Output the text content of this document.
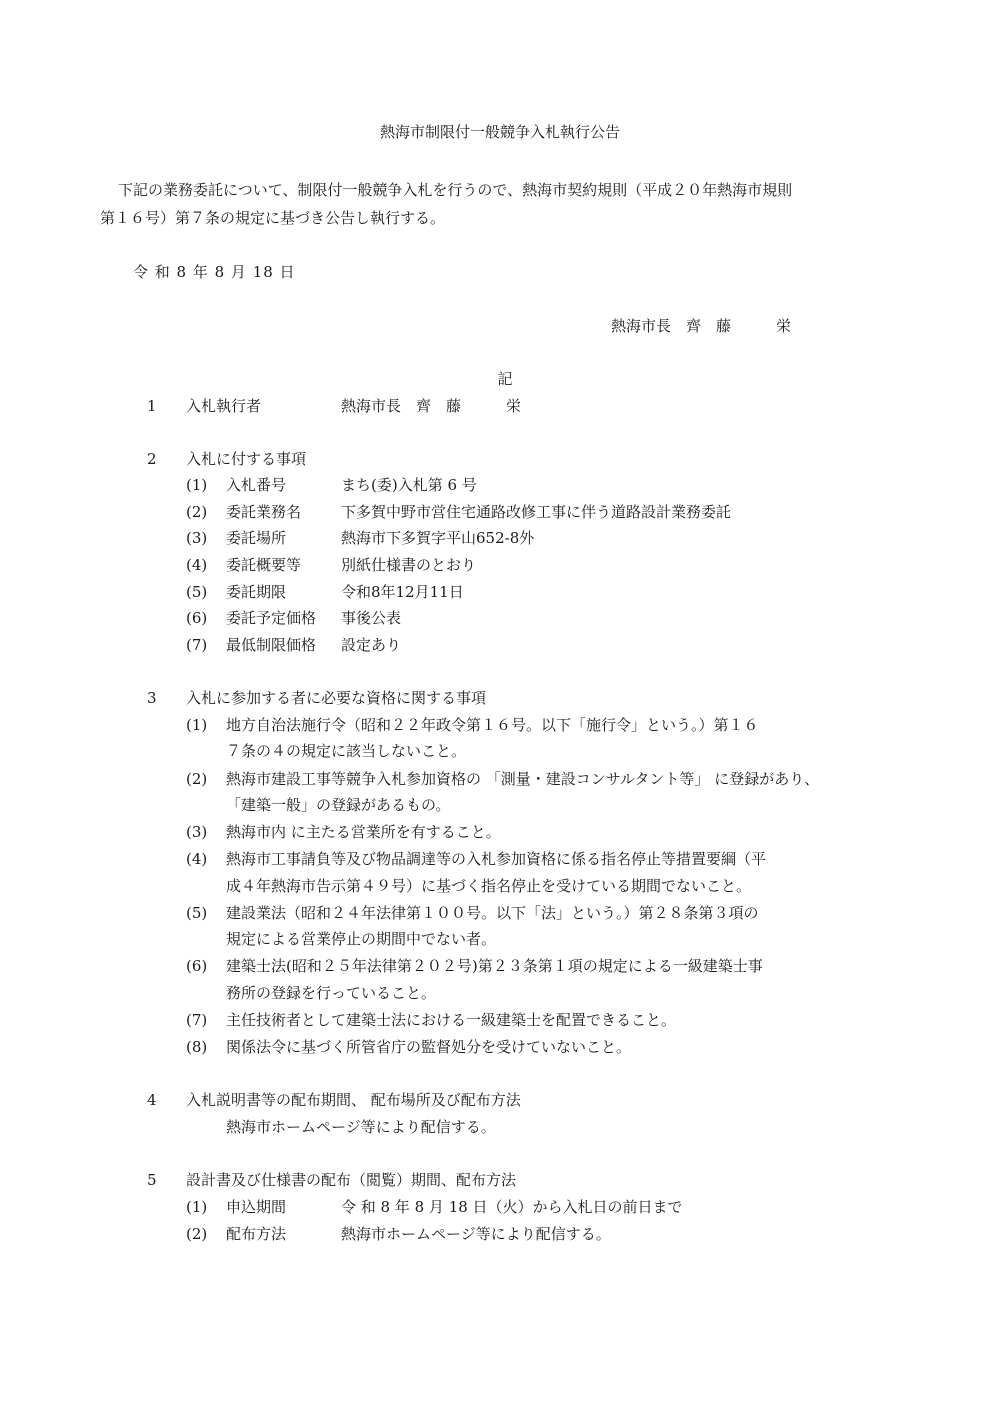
熱海市制限付一般競争入札執行公告
下記の業務委託について、制限付一般競争入札を行うので、熱海市契約規則（平成２０年熱海市規則
第１６号）第７条の規定に基づき公告し執行する。
令 和 8 年 8 月 18 日
熱海市長　齊　藤　　　栄
記
1 入札執行者	熱海市長　齊　藤　　　栄
2 入札に付する事項
(1) 入札番号	まち(委)入札第 6 号
(2) 委託業務名	下多賀中野市営住宅通路改修工事に伴う道路設計業務委託
(3) 委託場所	熱海市下多賀字平山652-8外
(4) 委託概要等	別紙仕様書のとおり
(5) 委託期限	令和8年12月11日
(6) 委託予定価格 事後公表
(7) 最低制限価格 設定あり
3 入札に参加する者に必要な資格に関する事項
(1) 地方自治法施行令（昭和２２年政令第１６号。以下「施行令」という。）第１６
７条の４の規定に該当しないこと。
(2) 熱海市建設工事等競争入札参加資格の 「測量・建設コンサルタント等」 に登録があり、
「建築一般」の登録があるもの。
(3) 熱海市内 に主たる営業所を有すること。
(4) 熱海市工事請負等及び物品調達等の入札参加資格に係る指名停止等措置要綱（平
成４年熱海市告示第４９号）に基づく指名停止を受けている期間でないこと。
(5) 建設業法（昭和２４年法律第１００号。以下「法」という。）第２８条第３項の
規定による営業停止の期間中でない者。
(6) 建築士法(昭和２５年法律第２０２号)第２３条第１項の規定による一級建築士事
務所の登録を行っていること。
(7) 主任技術者として建築士法における一級建築士を配置できること。
(8) 関係法令に基づく所管省庁の監督処分を受けていないこと。
4 入札説明書等の配布期間、 配布場所及び配布方法
熱海市ホームページ等により配信する。
5 設計書及び仕様書の配布（閲覧）期間、配布方法
(1) 申込期間	令 和 8 年 8 月 18 日（火）から入札日の前日まで
(2) 配布方法	熱海市ホームページ等により配信する。
